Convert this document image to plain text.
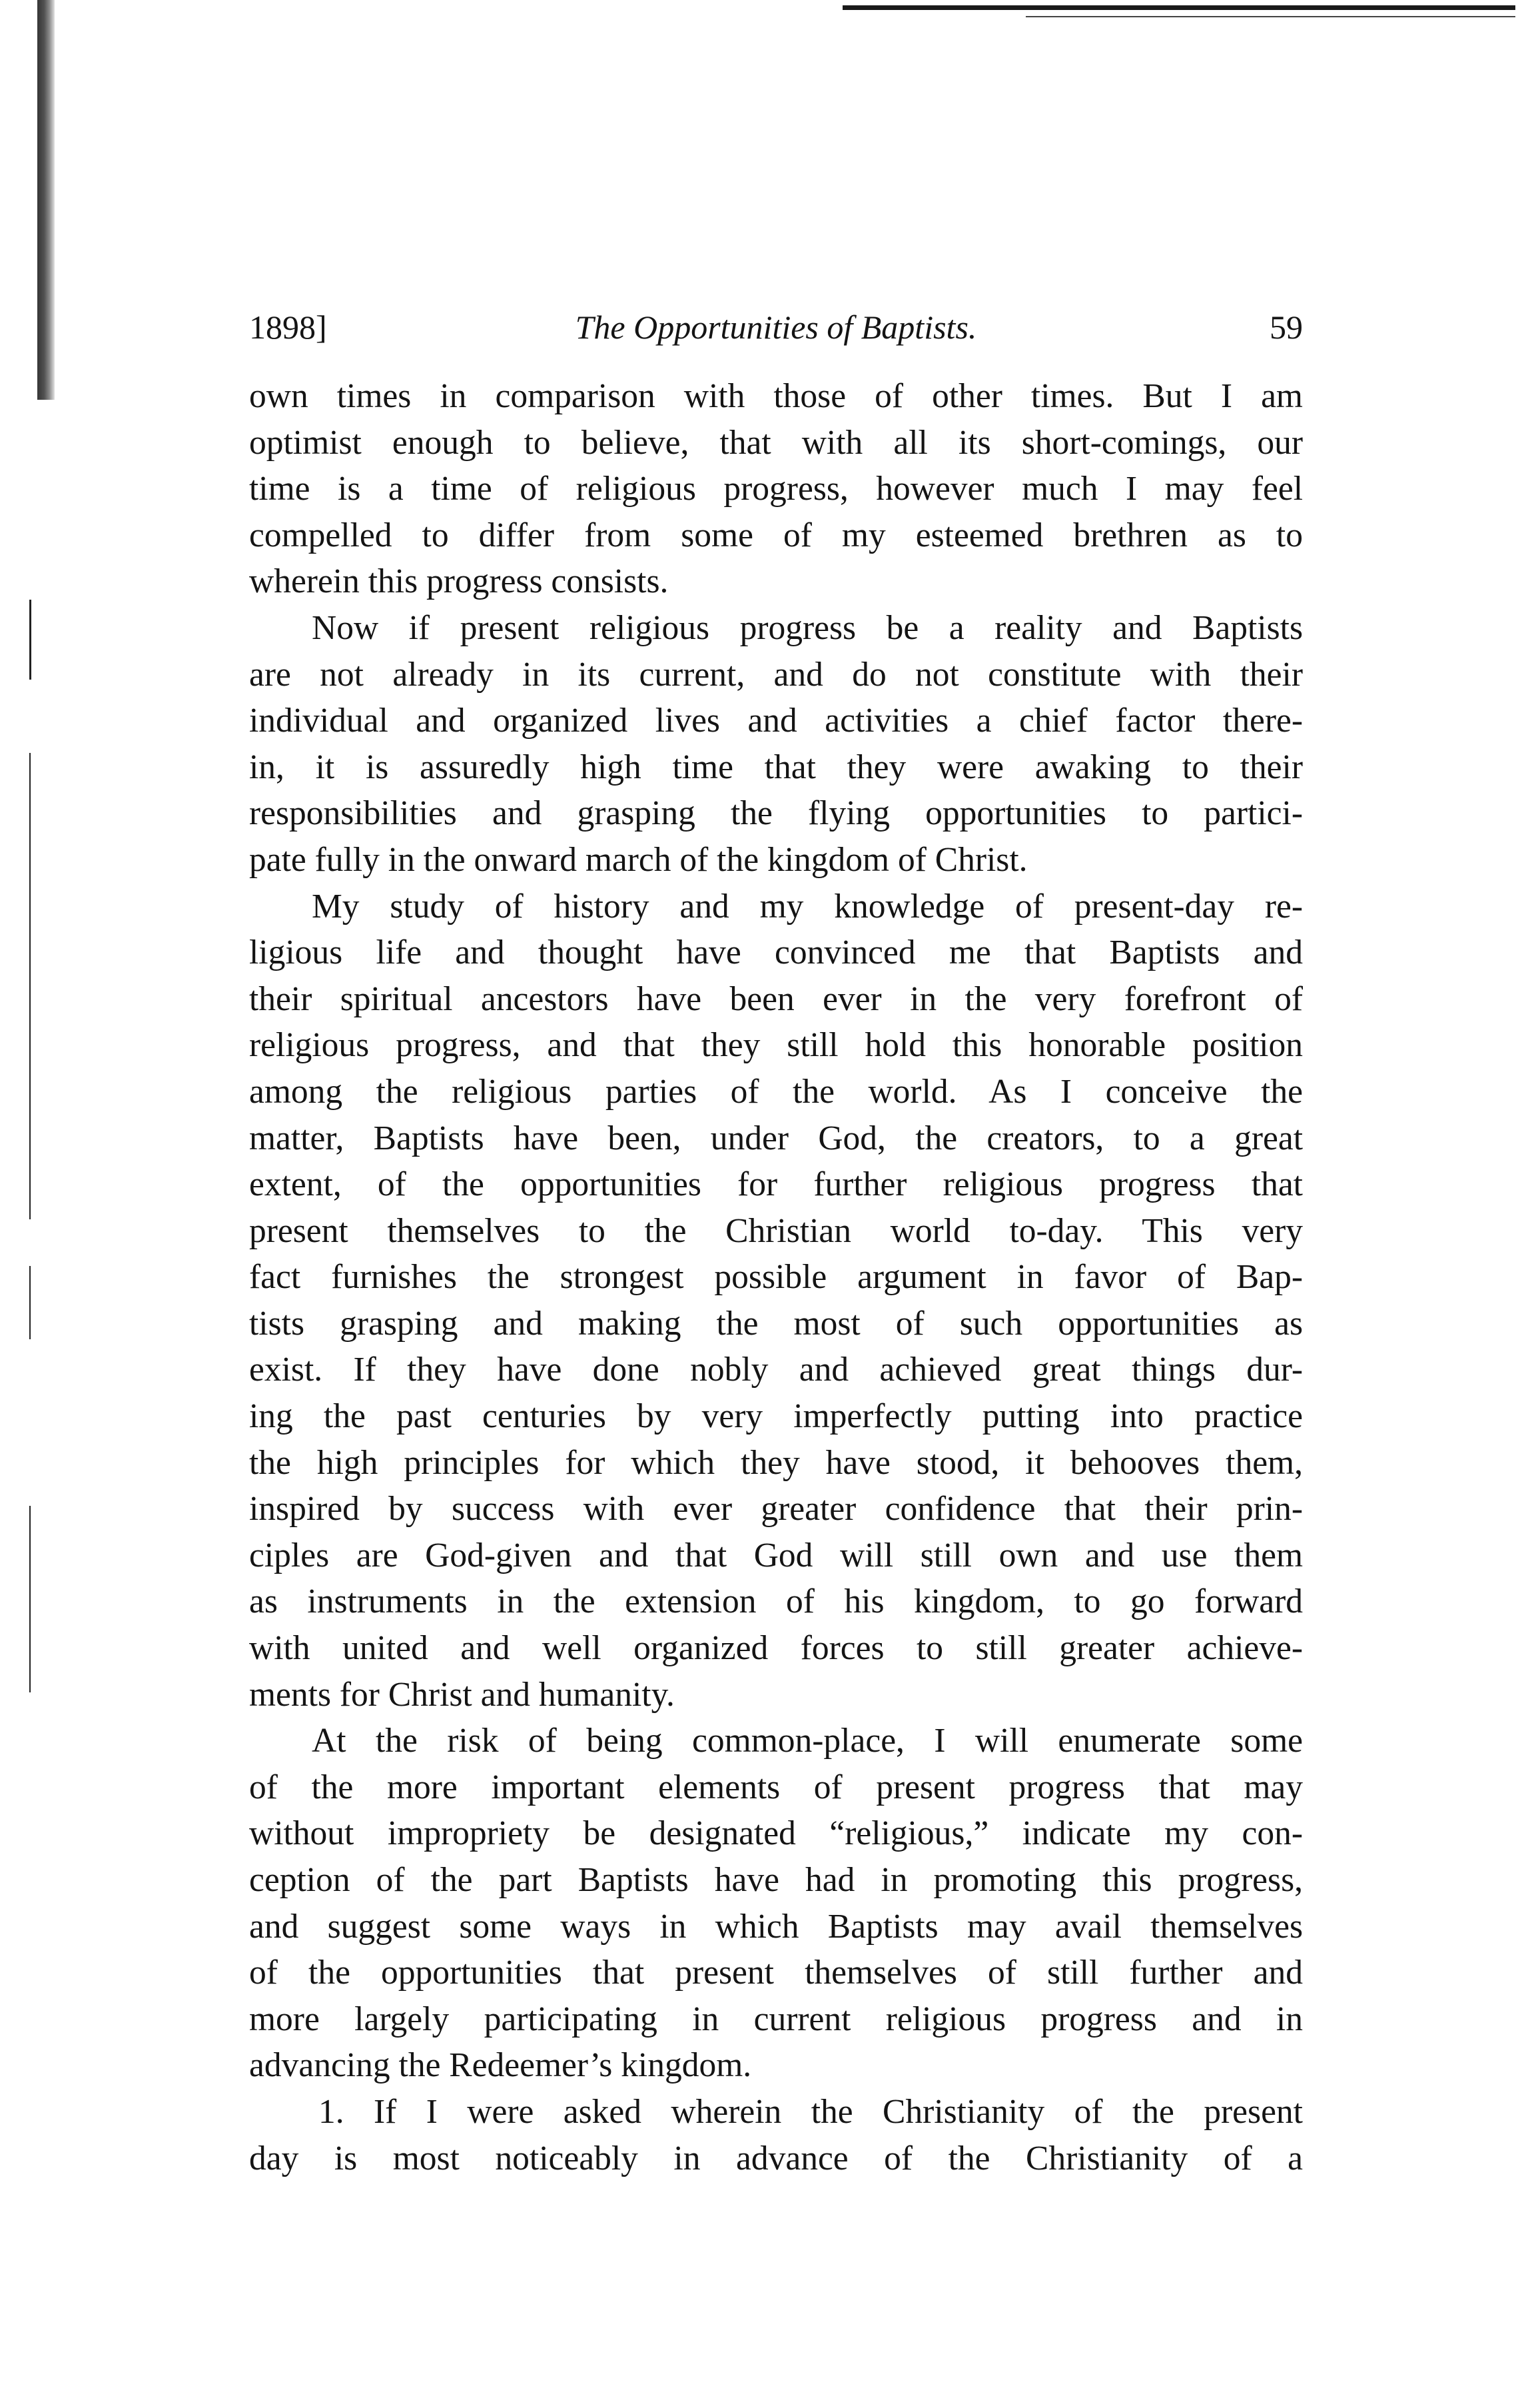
1898]	The Opportunities of Baptists.	59
own times in comparison with those of other times. But I am
optimist enough to believe, that with all its short-comings, our
time is a time of religious progress, however much I may feel
compelled to differ from some of my esteemed brethren as to
wherein this progress consists.
Now if present religious progress be a reality and Baptists
are not already in its current, and do not constitute with their
individual and organized lives and activities a chief factor there-
in, it is assuredly high time that they were awaking to their
responsibilities and grasping the flying opportunities to partici-
pate fully in the onward march of the kingdom of Christ.
My study of history and my knowledge of present-day re-
ligious life and thought have convinced me that Baptists and
their spiritual ancestors have been ever in the very forefront of
religious progress, and that they still hold this honorable position
among the religious parties of the world. As I conceive the
matter, Baptists have been, under God, the creators, to a great
extent, of the opportunities for further religious progress that
present themselves to the Christian world to-day. This very
fact furnishes the strongest possible argument in favor of Bap-
tists grasping and making the most of such opportunities as
exist. If they have done nobly and achieved great things dur-
ing the past centuries by very imperfectly putting into practice
the high principles for which they have stood, it behooves them,
inspired by success with ever greater confidence that their prin-
ciples are God-given and that God will still own and use them
as instruments in the extension of his kingdom, to go forward
with united and well organized forces to still greater achieve-
ments for Christ and humanity.
At the risk of being common-place, I will enumerate some
of the more important elements of present progress that may
without impropriety be designated “religious,” indicate my con-
ception of the part Baptists have had in promoting this progress,
and suggest some ways in which Baptists may avail themselves
of the opportunities that present themselves of still further and
more largely participating in current religious progress and in
advancing the Redeemer’s kingdom.
1. If I were asked wherein the Christianity of the present
day is most noticeably in advance of the Christianity of a
